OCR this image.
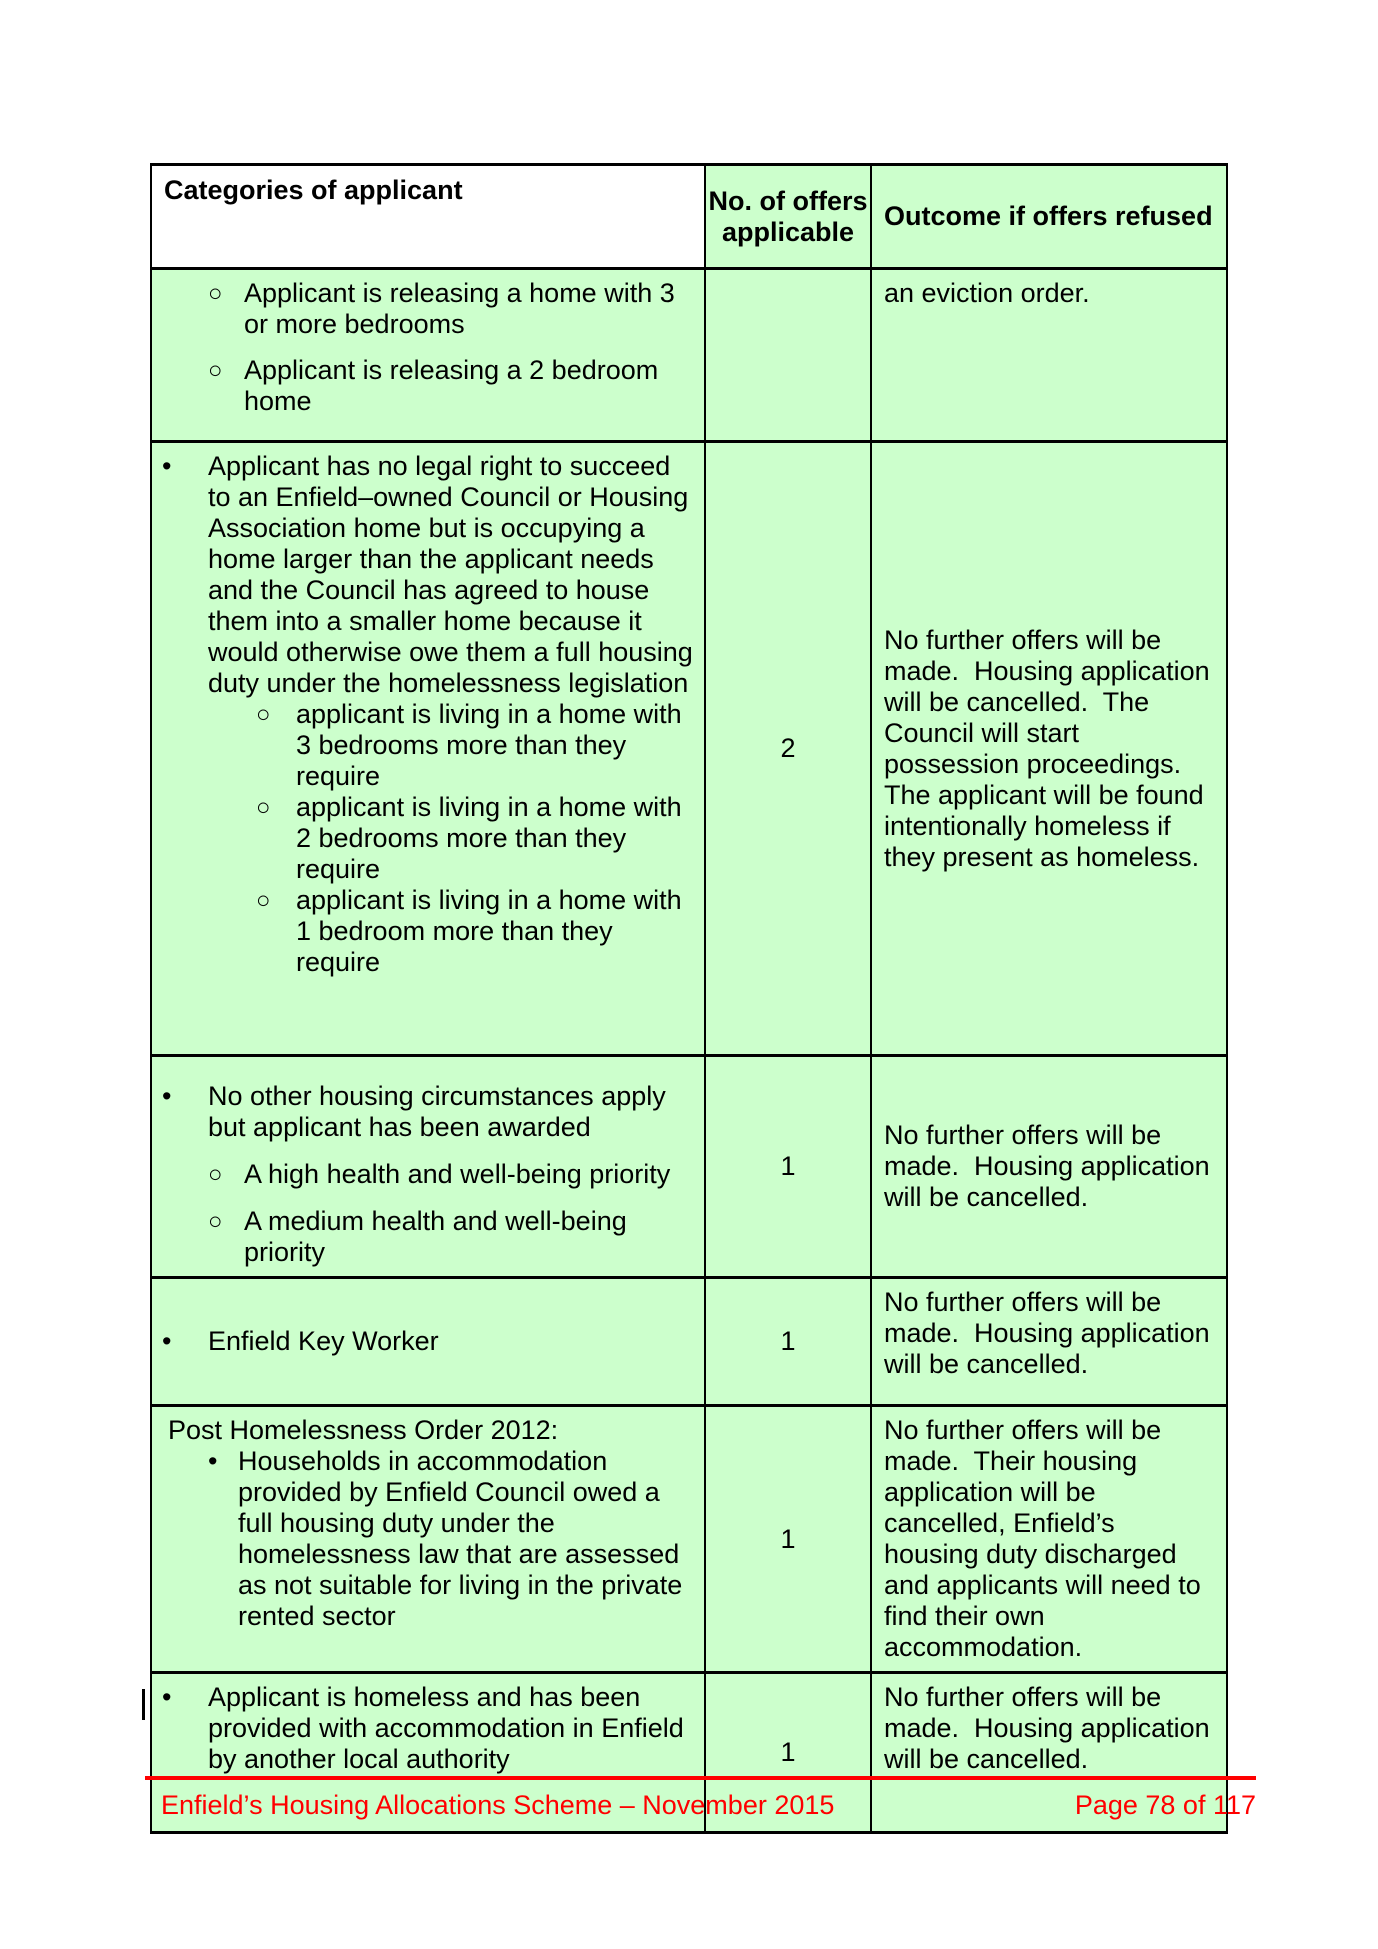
Categories of applicant	No. of offers applicable	Outcome if offers refused

○ Applicant is releasing a home with 3 or more bedrooms
○ Applicant is releasing a 2 bedroom home		an eviction order.

•	Applicant has no legal right to succeed to an Enfield–owned Council or Housing Association home but is occupying a home larger than the applicant needs and the Council has agreed to house them into a smaller home because it would otherwise owe them a full housing duty under the homelessness legislation
○ applicant is living in a home with 3 bedrooms more than they require
○ applicant is living in a home with 2 bedrooms more than they require
○ applicant is living in a home with 1 bedroom more than they require
	2	No further offers will be made.  Housing application will be cancelled.  The Council will start possession proceedings.  The applicant will be found intentionally homeless if they present as homeless.

•	No other housing circumstances apply but applicant has been awarded
○ A high health and well-being priority
○ A medium health and well-being priority
	1	No further offers will be made.  Housing application will be cancelled.

• Enfield Key Worker	1	No further offers will be made.  Housing application will be cancelled.

Post Homelessness Order 2012:
• Households in accommodation provided by Enfield Council owed a full housing duty under the homelessness law that are assessed as not suitable for living in the private rented sector	1	No further offers will be made.  Their housing application will be cancelled, Enfield’s housing duty discharged and applicants will need to find their own accommodation.

• Applicant is homeless and has been provided with accommodation in Enfield by another local authority	1	No further offers will be made.  Housing application will be cancelled.
Enfield’s Housing Allocations Scheme – November 2015	Page 78 of 117
